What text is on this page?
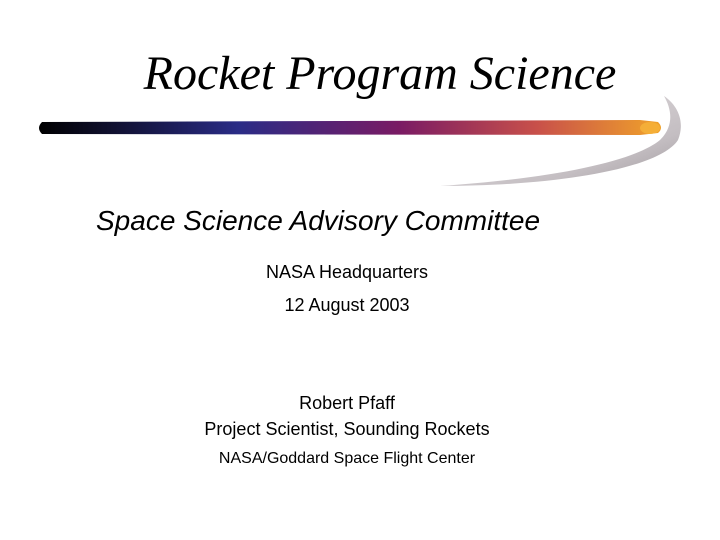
Rocket Program Science
Space Science Advisory Committee
NASA Headquarters
12 August 2003
Robert Pfaff
Project Scientist, Sounding Rockets
NASA/Goddard Space Flight Center
